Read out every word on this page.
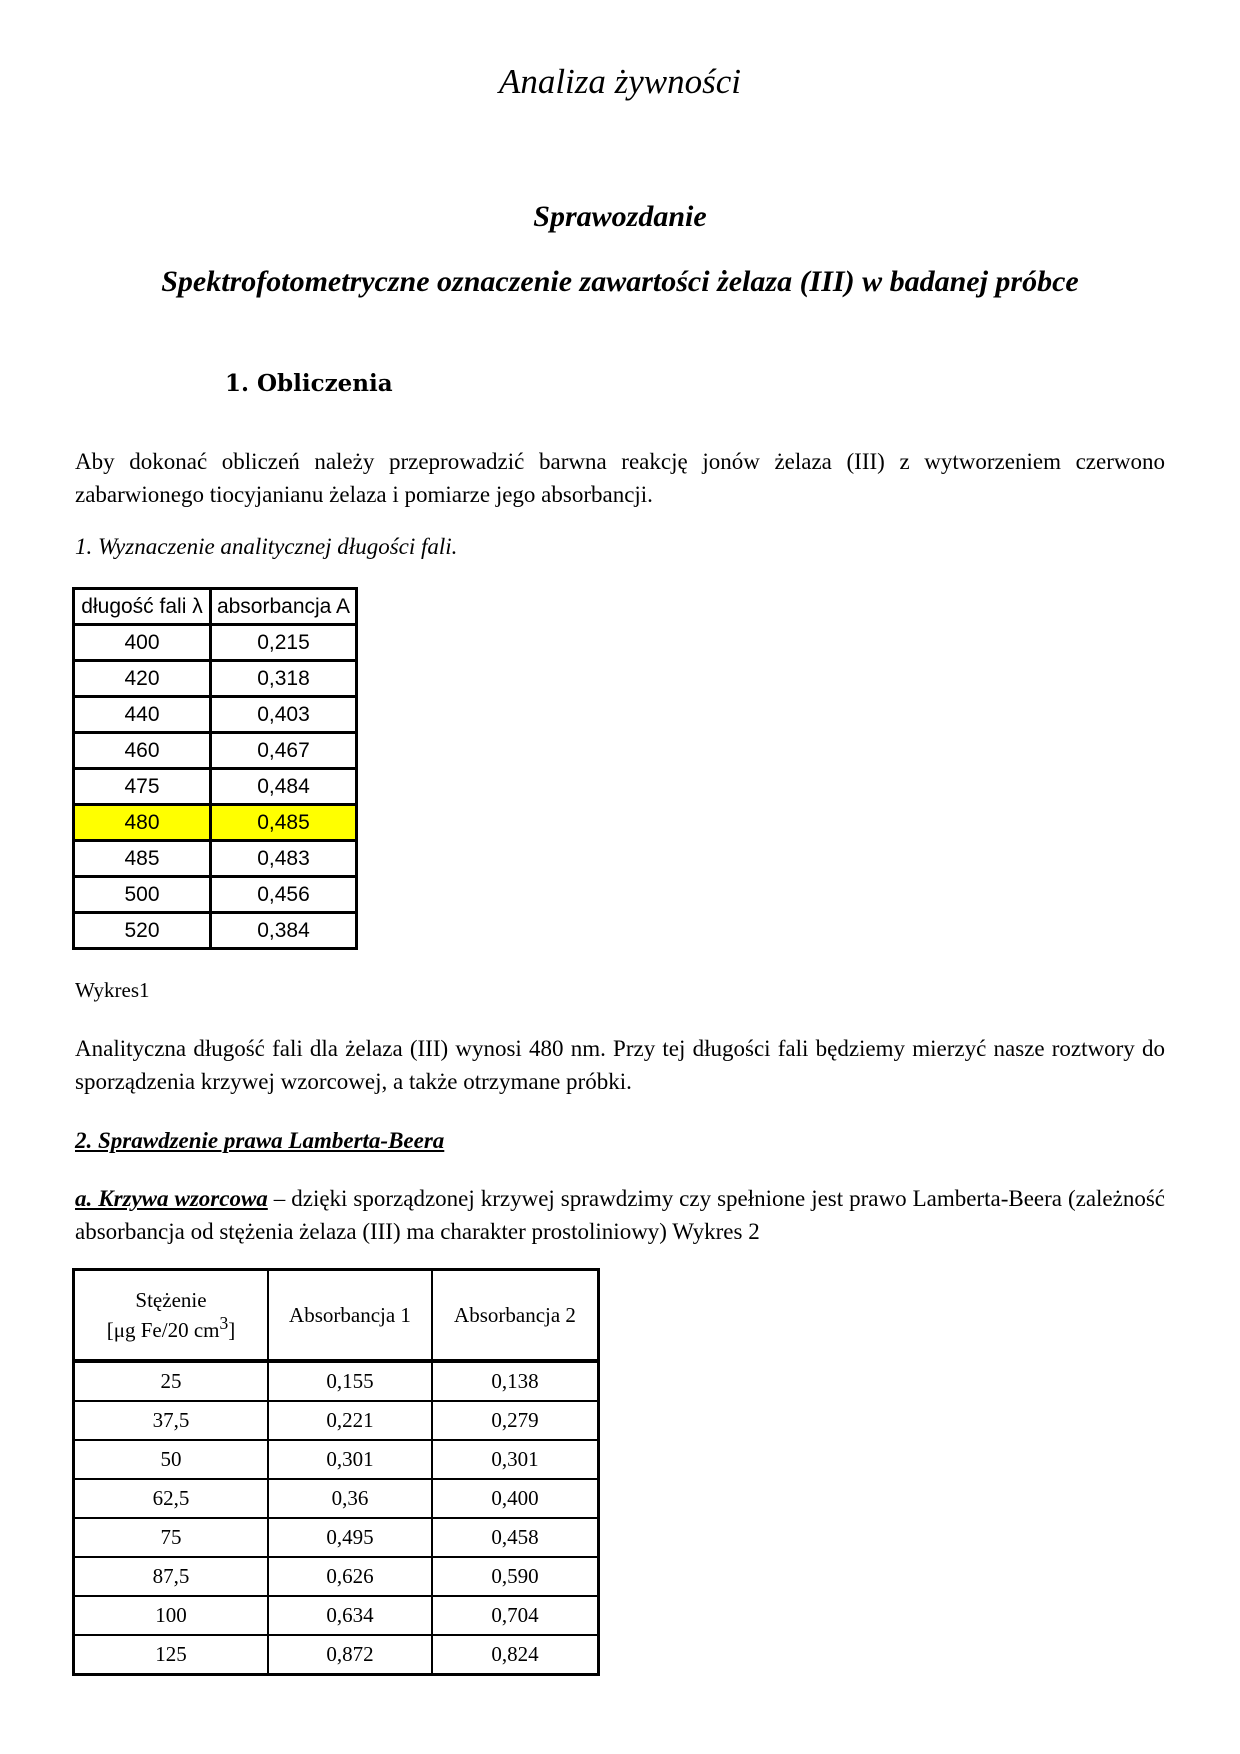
Analiza żywności
Sprawozdanie
Spektrofotometryczne oznaczenie zawartości żelaza (III) w badanej próbce
1. Obliczenia
Aby dokonać obliczeń należy przeprowadzić barwna reakcję jonów żelaza (III) z wytworzeniem czerwono zabarwionego tiocyjanianu żelaza i pomiarze jego absorbancji.
1. Wyznaczenie analitycznej długości fali.
długość fali λ	absorbancja A
400	0,215
420	0,318
440	0,403
460	0,467
475	0,484
480	0,485
485	0,483
500	0,456
520	0,384
Wykres1
Analityczna długość fali dla żelaza (III) wynosi 480 nm. Przy tej długości fali będziemy mierzyć nasze roztwory do sporządzenia krzywej wzorcowej, a także otrzymane próbki.
2. Sprawdzenie prawa Lamberta-Beera
a. Krzywa wzorcowa – dzięki sporządzonej krzywej sprawdzimy czy spełnione jest prawo Lamberta-Beera (zależność absorbancja od stężenia żelaza (III) ma charakter prostoliniowy) Wykres 2
Stężenie
[μg Fe/20 $cm^3$]	Absorbancja 1	Absorbancja 2
25	0,155	0,138
37,5	0,221	0,279
50	0,301	0,301
62,5	0,36	0,400
75	0,495	0,458
87,5	0,626	0,590
100	0,634	0,704
125	0,872	0,824
